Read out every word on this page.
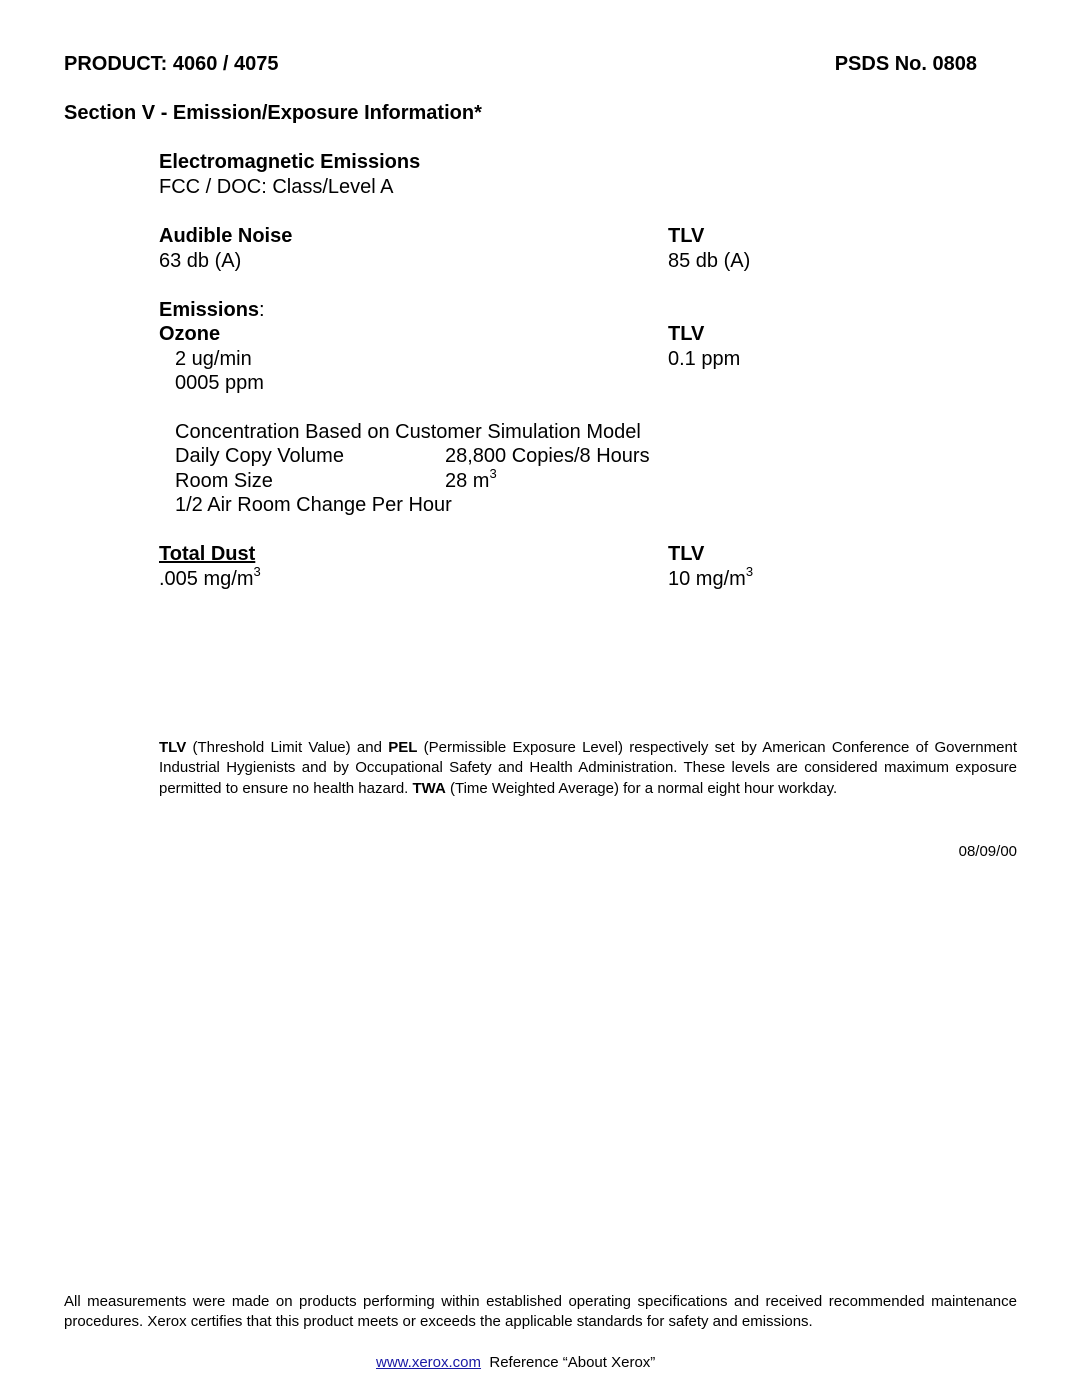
PRODUCT: 4060 / 4075	PSDS No. 0808
Section V - Emission/Exposure Information*
Electromagnetic Emissions
FCC / DOC: Class/Level A
Audible Noise	TLV
63 db (A)	85 db (A)
Emissions:
Ozone	TLV
2 ug/min	0.1 ppm
0005 ppm
Concentration Based on Customer Simulation Model
Daily Copy Volume	28,800 Copies/8 Hours
Room Size	28 $m^3$
1/2 Air Room Change Per Hour
Total Dust	TLV
.005 $mg/m^3$	10 $mg/m^3$
TLV (Threshold Limit Value) and PEL (Permissible Exposure Level) respectively set by American Conference of Government Industrial Hygienists and by Occupational Safety and Health Administration. These levels are considered maximum exposure permitted to ensure no health hazard. TWA (Time Weighted Average) for a normal eight hour workday.
08/09/00
All measurements were made on products performing within established operating specifications and received recommended maintenance procedures. Xerox certifies that this product meets or exceeds the applicable standards for safety and emissions.
www.xerox.com Reference “About Xerox”
